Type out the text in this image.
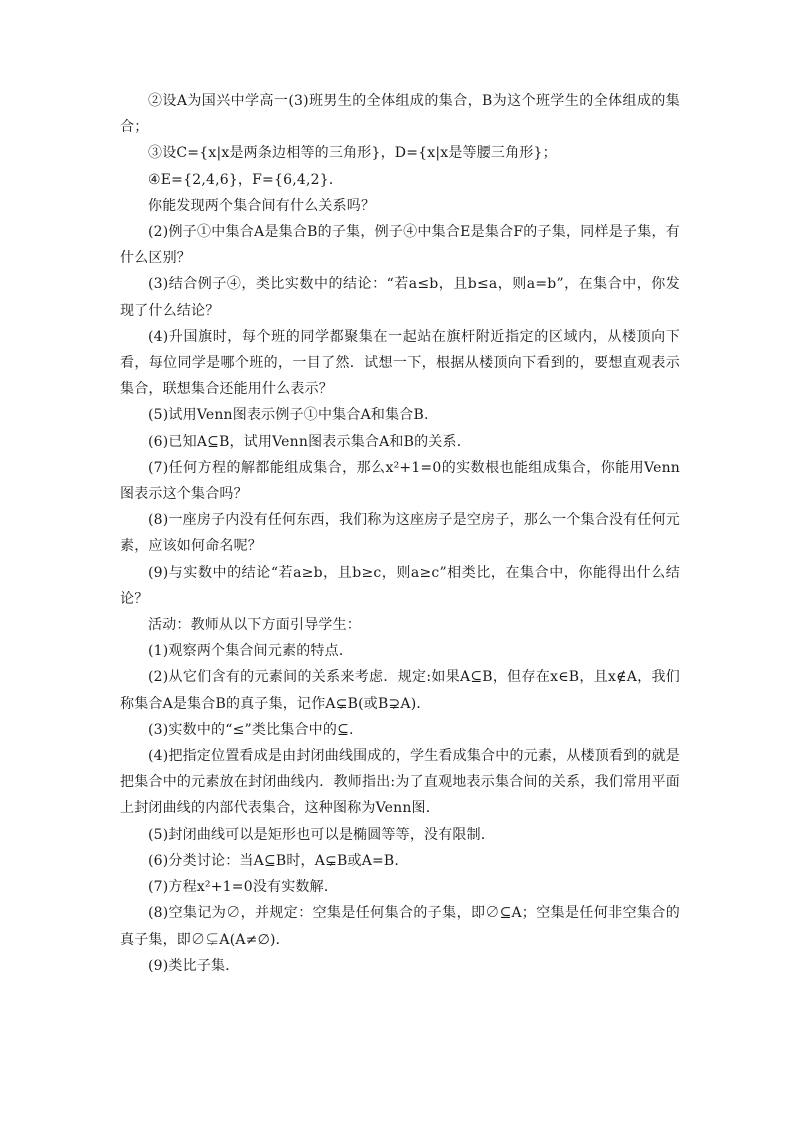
②设A为国兴中学高一(3)班男生的全体组成的集合，B为这个班学生的全体组成的集合；

③设C={x|x是两条边相等的三角形}，D={x|x是等腰三角形}；

④E={2,4,6}，F={6,4,2}．

你能发现两个集合间有什么关系吗？

(2)例子①中集合A是集合B的子集，例子④中集合E是集合F的子集，同样是子集，有什么区别？

(3)结合例子④，类比实数中的结论：“若a≤b，且b≤a，则a=b”，在集合中，你发现了什么结论？

(4)升国旗时，每个班的同学都聚集在一起站在旗杆附近指定的区域内，从楼顶向下看，每位同学是哪个班的，一目了然．试想一下，根据从楼顶向下看到的，要想直观表示集合，联想集合还能用什么表示？

(5)试用Venn图表示例子①中集合A和集合B.

(6)已知A⊆B，试用Venn图表示集合A和B的关系．

(7)任何方程的解都能组成集合，那么x²+1=0的实数根也能组成集合，你能用Venn图表示这个集合吗？

(8)一座房子内没有任何东西，我们称为这座房子是空房子，那么一个集合没有任何元素，应该如何命名呢？

(9)与实数中的结论“若a≥b，且b≥c，则a≥c”相类比，在集合中，你能得出什么结论？

活动：教师从以下方面引导学生：

(1)观察两个集合间元素的特点．

(2)从它们含有的元素间的关系来考虑．规定:如果A⊆B，但存在x∈B，且x∉A，我们称集合A是集合B的真子集，记作A⊊B(或B⊋A)．

(3)实数中的“≤”类比集合中的⊆.

(4)把指定位置看成是由封闭曲线围成的，学生看成集合中的元素，从楼顶看到的就是把集合中的元素放在封闭曲线内．教师指出:为了直观地表示集合间的关系，我们常用平面上封闭曲线的内部代表集合，这种图称为Venn图．

(5)封闭曲线可以是矩形也可以是椭圆等等，没有限制．

(6)分类讨论：当A⊆B时，A⊊B或A=B.

(7)方程x²+1=0没有实数解．

(8)空集记为∅，并规定：空集是任何集合的子集，即∅⊆A；空集是任何非空集合的真子集，即∅⊊A(A≠∅)．

(9)类比子集．
